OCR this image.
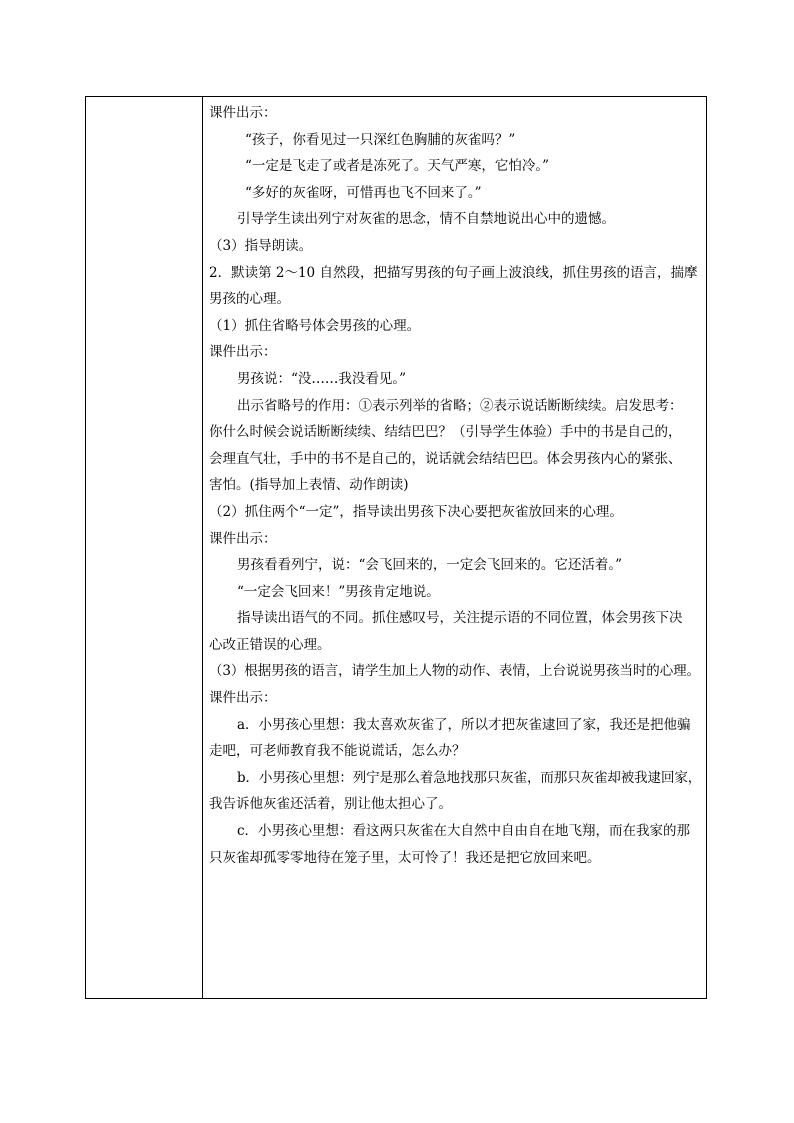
课件出示：

“孩子，你看见过一只深红色胸脯的灰雀吗？”

“一定是飞走了或者是冻死了。天气严寒，它怕冷。”

“多好的灰雀呀，可惜再也飞不回来了。”

引导学生读出列宁对灰雀的思念，情不自禁地说出心中的遗憾。

（3）指导朗读。

2．默读第 2～10 自然段，把描写男孩的句子画上波浪线，抓住男孩的语言，揣摩

男孩的心理。

（1）抓住省略号体会男孩的心理。

课件出示：

男孩说：“没……我没看见。”

出示省略号的作用：①表示列举的省略；②表示说话断断续续。启发思考：

你什么时候会说话断断续续、结结巴巴？（引导学生体验）手中的书是自己的，

会理直气壮，手中的书不是自己的，说话就会结结巴巴。体会男孩内心的紧张、

害怕。(指导加上表情、动作朗读)

（2）抓住两个“一定”，指导读出男孩下决心要把灰雀放回来的心理。

课件出示：

男孩看看列宁，说：“会飞回来的，一定会飞回来的。它还活着。”

“一定会飞回来！”男孩肯定地说。

指导读出语气的不同。抓住感叹号，关注提示语的不同位置，体会男孩下决

心改正错误的心理。

（3）根据男孩的语言，请学生加上人物的动作、表情，上台说说男孩当时的心理。

课件出示：

a．小男孩心里想：我太喜欢灰雀了，所以才把灰雀逮回了家，我还是把他骗

走吧，可老师教育我不能说谎话，怎么办？

b．小男孩心里想：列宁是那么着急地找那只灰雀，而那只灰雀却被我逮回家，

我告诉他灰雀还活着，别让他太担心了。

c．小男孩心里想：看这两只灰雀在大自然中自由自在地飞翔，而在我家的那

只灰雀却孤零零地待在笼子里，太可怜了！我还是把它放回来吧。
